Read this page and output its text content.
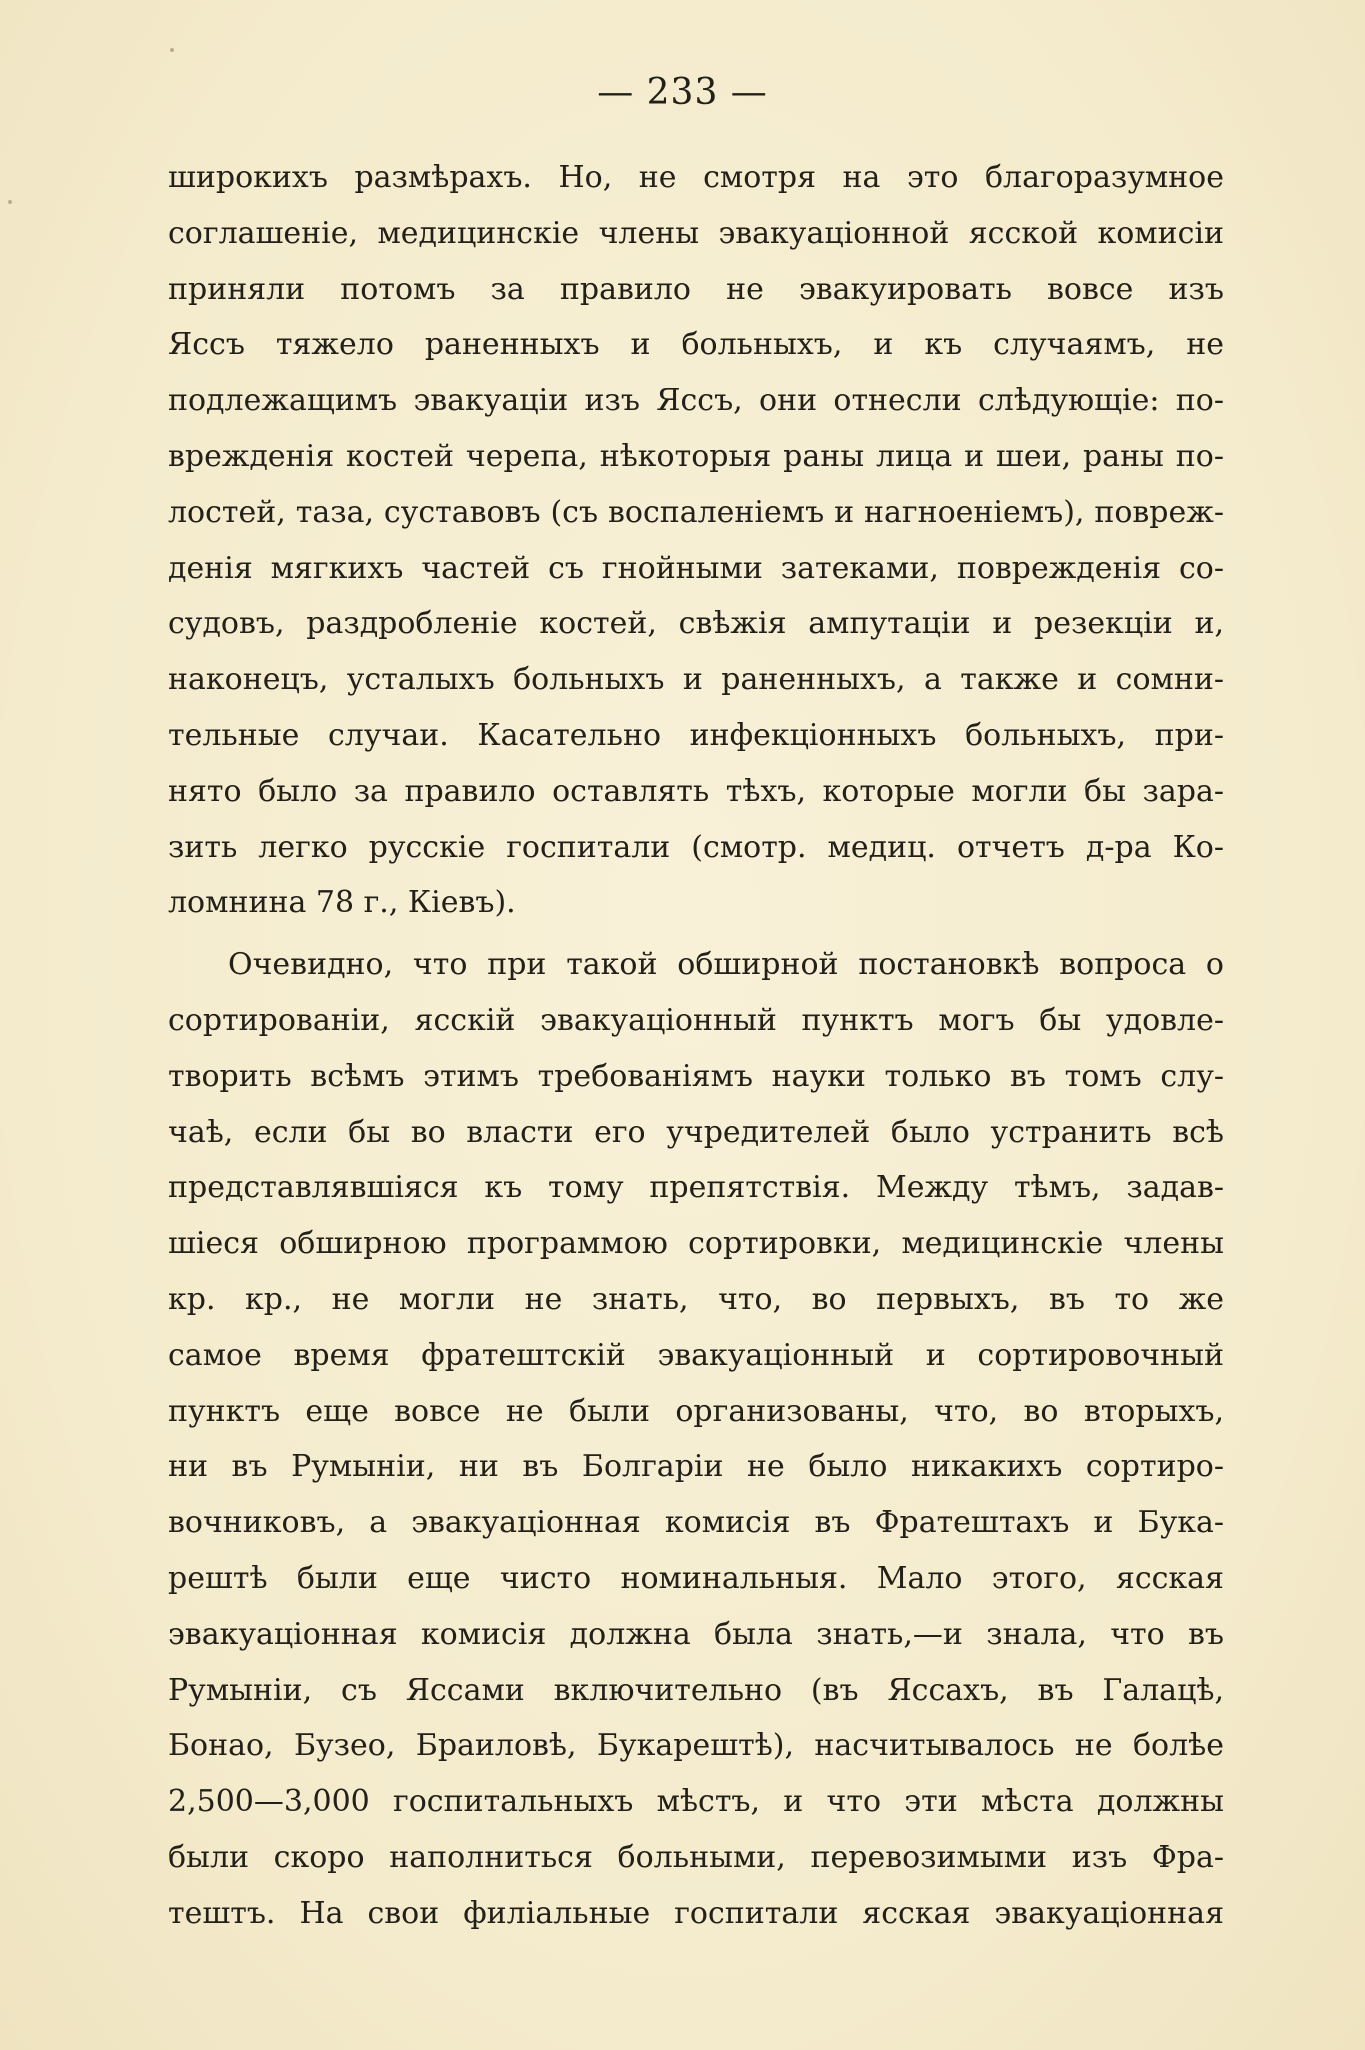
— 233 —
широкихъ размѣрахъ. Но, не смотря на это благоразумное
соглашеніе, медицинскіе члены эвакуаціонной ясской комисіи
приняли потомъ за правило не эвакуировать вовсе изъ
Яссъ тяжело раненныхъ и больныхъ, и къ случаямъ, не
подлежащимъ эвакуаціи изъ Яссъ, они отнесли слѣдующіе: по-
врежденія костей черепа, нѣкоторыя раны лица и шеи, раны по-
лостей, таза, суставовъ (съ воспаленіемъ и нагноеніемъ), повреж-
денія мягкихъ частей съ гнойными затеками, поврежденія со-
судовъ, раздробленіе костей, свѣжія ампутаціи и резекціи и,
наконецъ, усталыхъ больныхъ и раненныхъ, а также и сомни-
тельные случаи. Касательно инфекціонныхъ больныхъ, при-
нято было за правило оставлять тѣхъ, которые могли бы зара-
зить легко русскіе госпитали (смотр. медиц. отчетъ д-ра Ко-
ломнина 78 г., Кіевъ).
Очевидно, что при такой обширной постановкѣ вопроса о
сортированіи, ясскій эвакуаціонный пунктъ могъ бы удовле-
творить всѣмъ этимъ требованіямъ науки только въ томъ слу-
чаѣ, если бы во власти его учредителей было устранить всѣ
представлявшіяся къ тому препятствія. Между тѣмъ, задав-
шіеся обширною программою сортировки, медицинскіе члены
кр. кр., не могли не знать, что, во первыхъ, въ то же
самое время фратештскій эвакуаціонный и сортировочный
пунктъ еще вовсе не были организованы, что, во вторыхъ,
ни въ Румыніи, ни въ Болгаріи не было никакихъ сортиро-
вочниковъ, а эвакуаціонная комисія въ Фратештахъ и Бука-
рештѣ были еще чисто номинальныя. Мало этого, ясская
эвакуаціонная комисія должна была знать,—и знала, что въ
Румыніи, съ Яссами включительно (въ Яссахъ, въ Галацѣ,
Бонао, Бузео, Браиловѣ, Букарештѣ), насчитывалось не болѣе
2,500—3,000 госпитальныхъ мѣстъ, и что эти мѣста должны
были скоро наполниться больными, перевозимыми изъ Фра-
тештъ. На свои филіальные госпитали ясская эвакуаціонная
